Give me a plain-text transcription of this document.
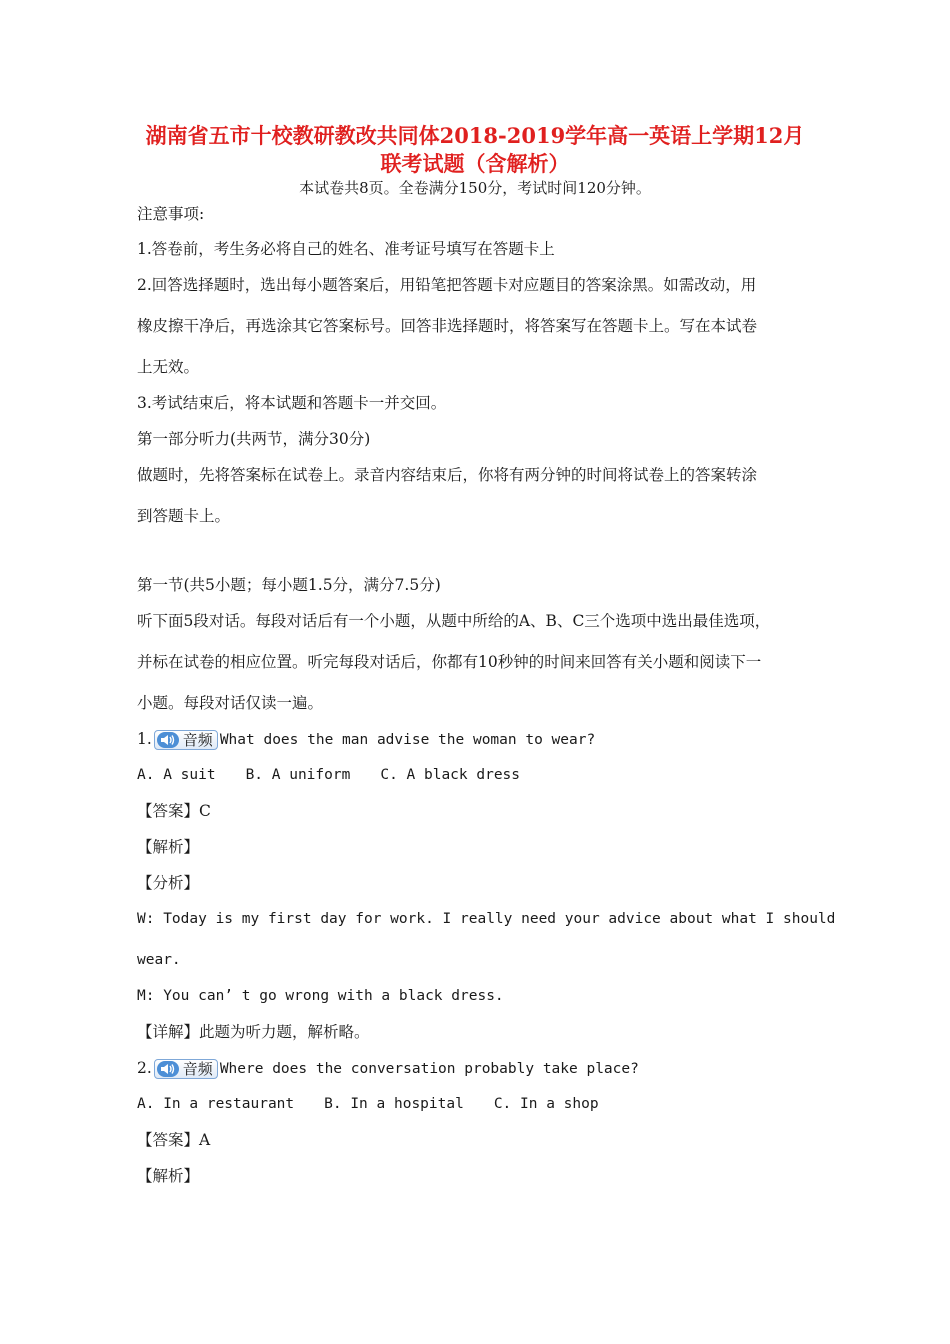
湖南省五市十校教研教改共同体2018-2019学年高一英语上学期12月
联考试题（含解析）
本试卷共8页。全卷满分150分，考试时间120分钟。
注意事项:
1.答卷前，考生务必将自己的姓名、准考证号填写在答题卡上
2.回答选择题时，选出每小题答案后，用铅笔把答题卡对应题目的答案涂黑。如需改动，用
橡皮擦干净后，再选涂其它答案标号。回答非选择题时，将答案写在答题卡上。写在本试卷
上无效。
3.考试结束后，将本试题和答题卡一并交回。
第一部分听力(共两节，满分30分)
做题时，先将答案标在试卷上。录音内容结束后，你将有两分钟的时间将试卷上的答案转涂
到答题卡上。
第一节(共5小题；每小题1.5分，满分7.5分)
听下面5段对话。每段对话后有一个小题，从题中所给的A、B、C三个选项中选出最佳选项，
并标在试卷的相应位置。听完每段对话后，你都有10秒钟的时间来回答有关小题和阅读下一
小题。每段对话仅读一遍。
1. 音频 What does the man advise the woman to wear?
A. A suit B. A uniform C. A black dress
【答案】C
【解析】
【分析】
W: Today is my first day for work. I really need your advice about what I should
wear.
M: You can’ t go wrong with a black dress.
【详解】此题为听力题，解析略。
2. 音频 Where does the conversation probably take place?
A. In a restaurant B. In a hospital C. In a shop
【答案】A
【解析】
